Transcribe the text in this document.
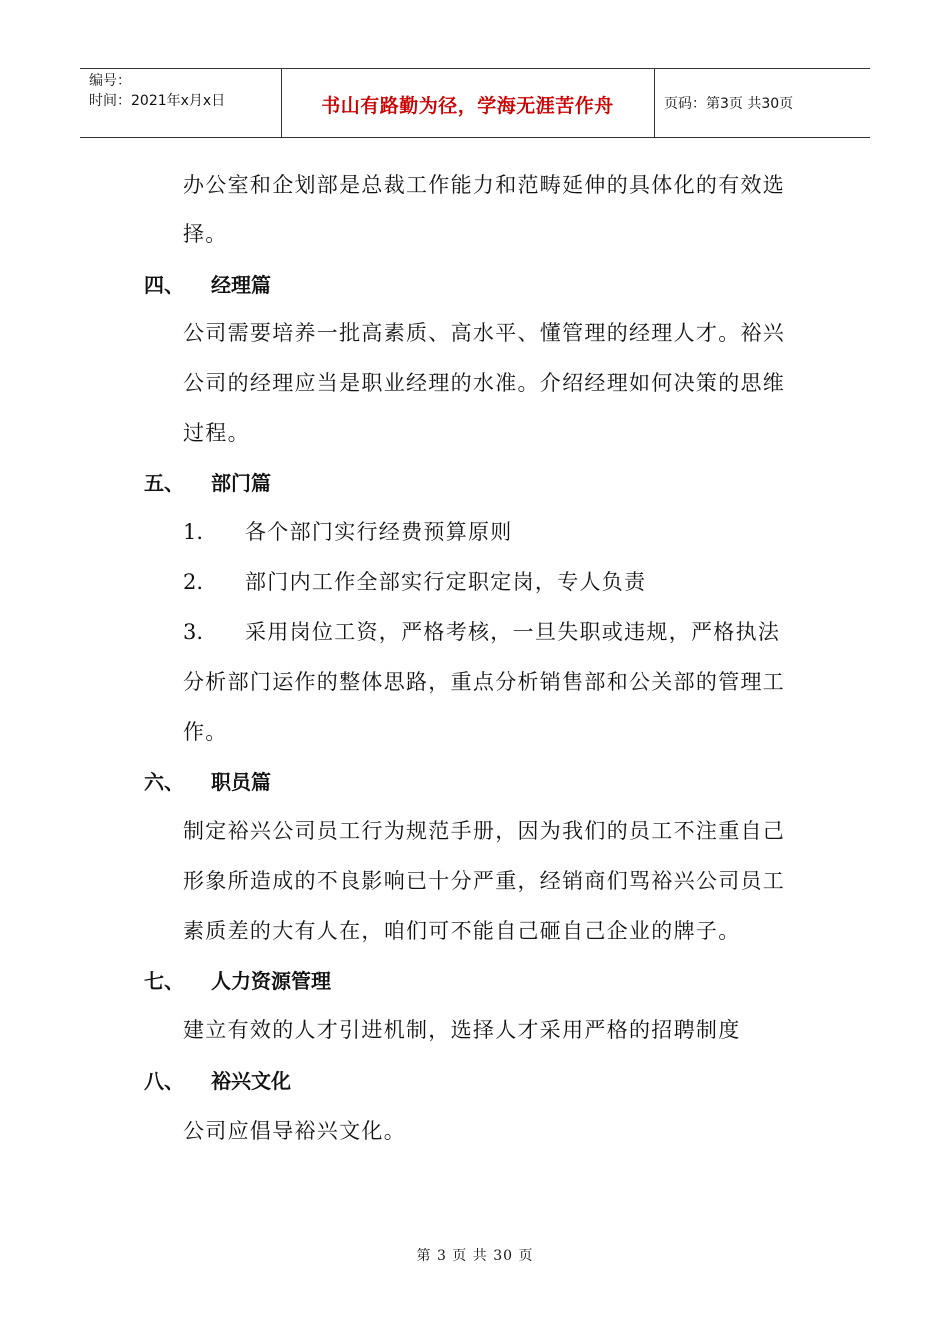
编号：
时间：2021年x月x日	书山有路勤为径，学海无涯苦作舟	页码：第3页 共30页
办公室和企划部是总裁工作能力和范畴延伸的具体化的有效选
择。
四、 经理篇
公司需要培养一批高素质、高水平、懂管理的经理人才。裕兴
公司的经理应当是职业经理的水准。介绍经理如何决策的思维
过程。
五、 部门篇
1. 各个部门实行经费预算原则
2. 部门内工作全部实行定职定岗，专人负责
3. 采用岗位工资，严格考核，一旦失职或违规，严格执法
分析部门运作的整体思路，重点分析销售部和公关部的管理工
作。
六、 职员篇
制定裕兴公司员工行为规范手册，因为我们的员工不注重自己
形象所造成的不良影响已十分严重，经销商们骂裕兴公司员工
素质差的大有人在，咱们可不能自己砸自己企业的牌子。
七、 人力资源管理
建立有效的人才引进机制，选择人才采用严格的招聘制度
八、 裕兴文化
公司应倡导裕兴文化。
第 3 页 共 30 页
